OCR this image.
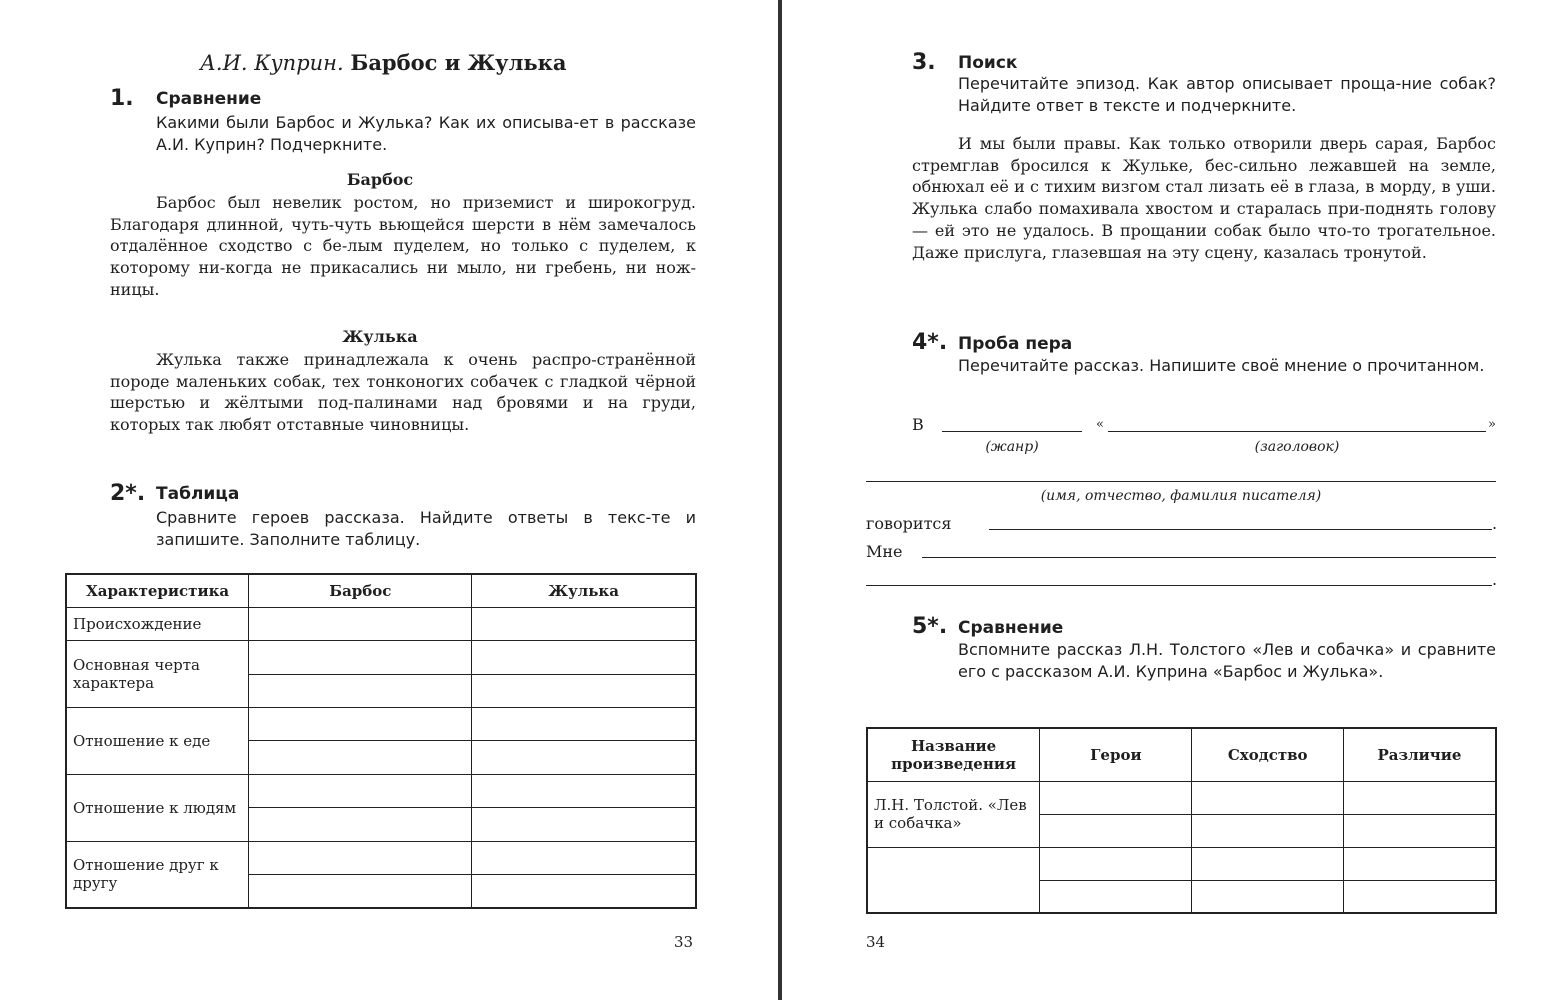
А.И. Куприн. Барбос и Жулька
1. Сравнение
Какими были Барбос и Жулька? Как их описыва-ет в рассказе А.И. Куприн? Подчеркните.
Барбос
Барбос был невелик ростом, но приземист и широкогруд. Благодаря длинной, чуть-чуть вьющейся шерсти в нём замечалось отдалённое сходство с бе-лым пуделем, но только с пуделем, к которому ни-когда не прикасались ни мыло, ни гребень, ни нож-ницы.
Жулька
Жулька также принадлежала к очень распро-странённой породе маленьких собак, тех тонконогих собачек с гладкой чёрной шерстью и жёлтыми под-палинами над бровями и на груди, которых так любят отставные чиновницы.
2*. Таблица
Сравните героев рассказа. Найдите ответы в текс-те и запишите. Заполните таблицу.
Характеристика	Барбос	Жулька
Происхождение		
Основная черта характера		

Отношение к еде		

Отношение к людям		

Отношение друг к другу		

33
3. Поиск
Перечитайте эпизод. Как автор описывает проща-ние собак? Найдите ответ в тексте и подчеркните.
И мы были правы. Как только отворили дверь сарая, Барбос стремглав бросился к Жульке, бес-сильно лежавшей на земле, обнюхал её и с тихим визгом стал лизать её в глаза, в морду, в уши. Жулька слабо помахивала хвостом и старалась при-поднять голову — ей это не удалось. В прощании собак было что-то трогательное. Даже прислуга, глазевшая на эту сцену, казалась тронутой.
4*. Проба пера
Перечитайте рассказ. Напишите своё мнение о прочитанном.
В	«	»
(жанр)	(заголовок)
(имя, отчество, фамилия писателя)
говорится	.
Мне
.
5*. Сравнение
Вспомните рассказ Л.Н. Толстого «Лев и собачка» и сравните его с рассказом А.И. Куприна «Барбос и Жулька».
Название произведения	Герои	Сходство	Различие
Л.Н. Толстой. «Лев и собачка»			

34
